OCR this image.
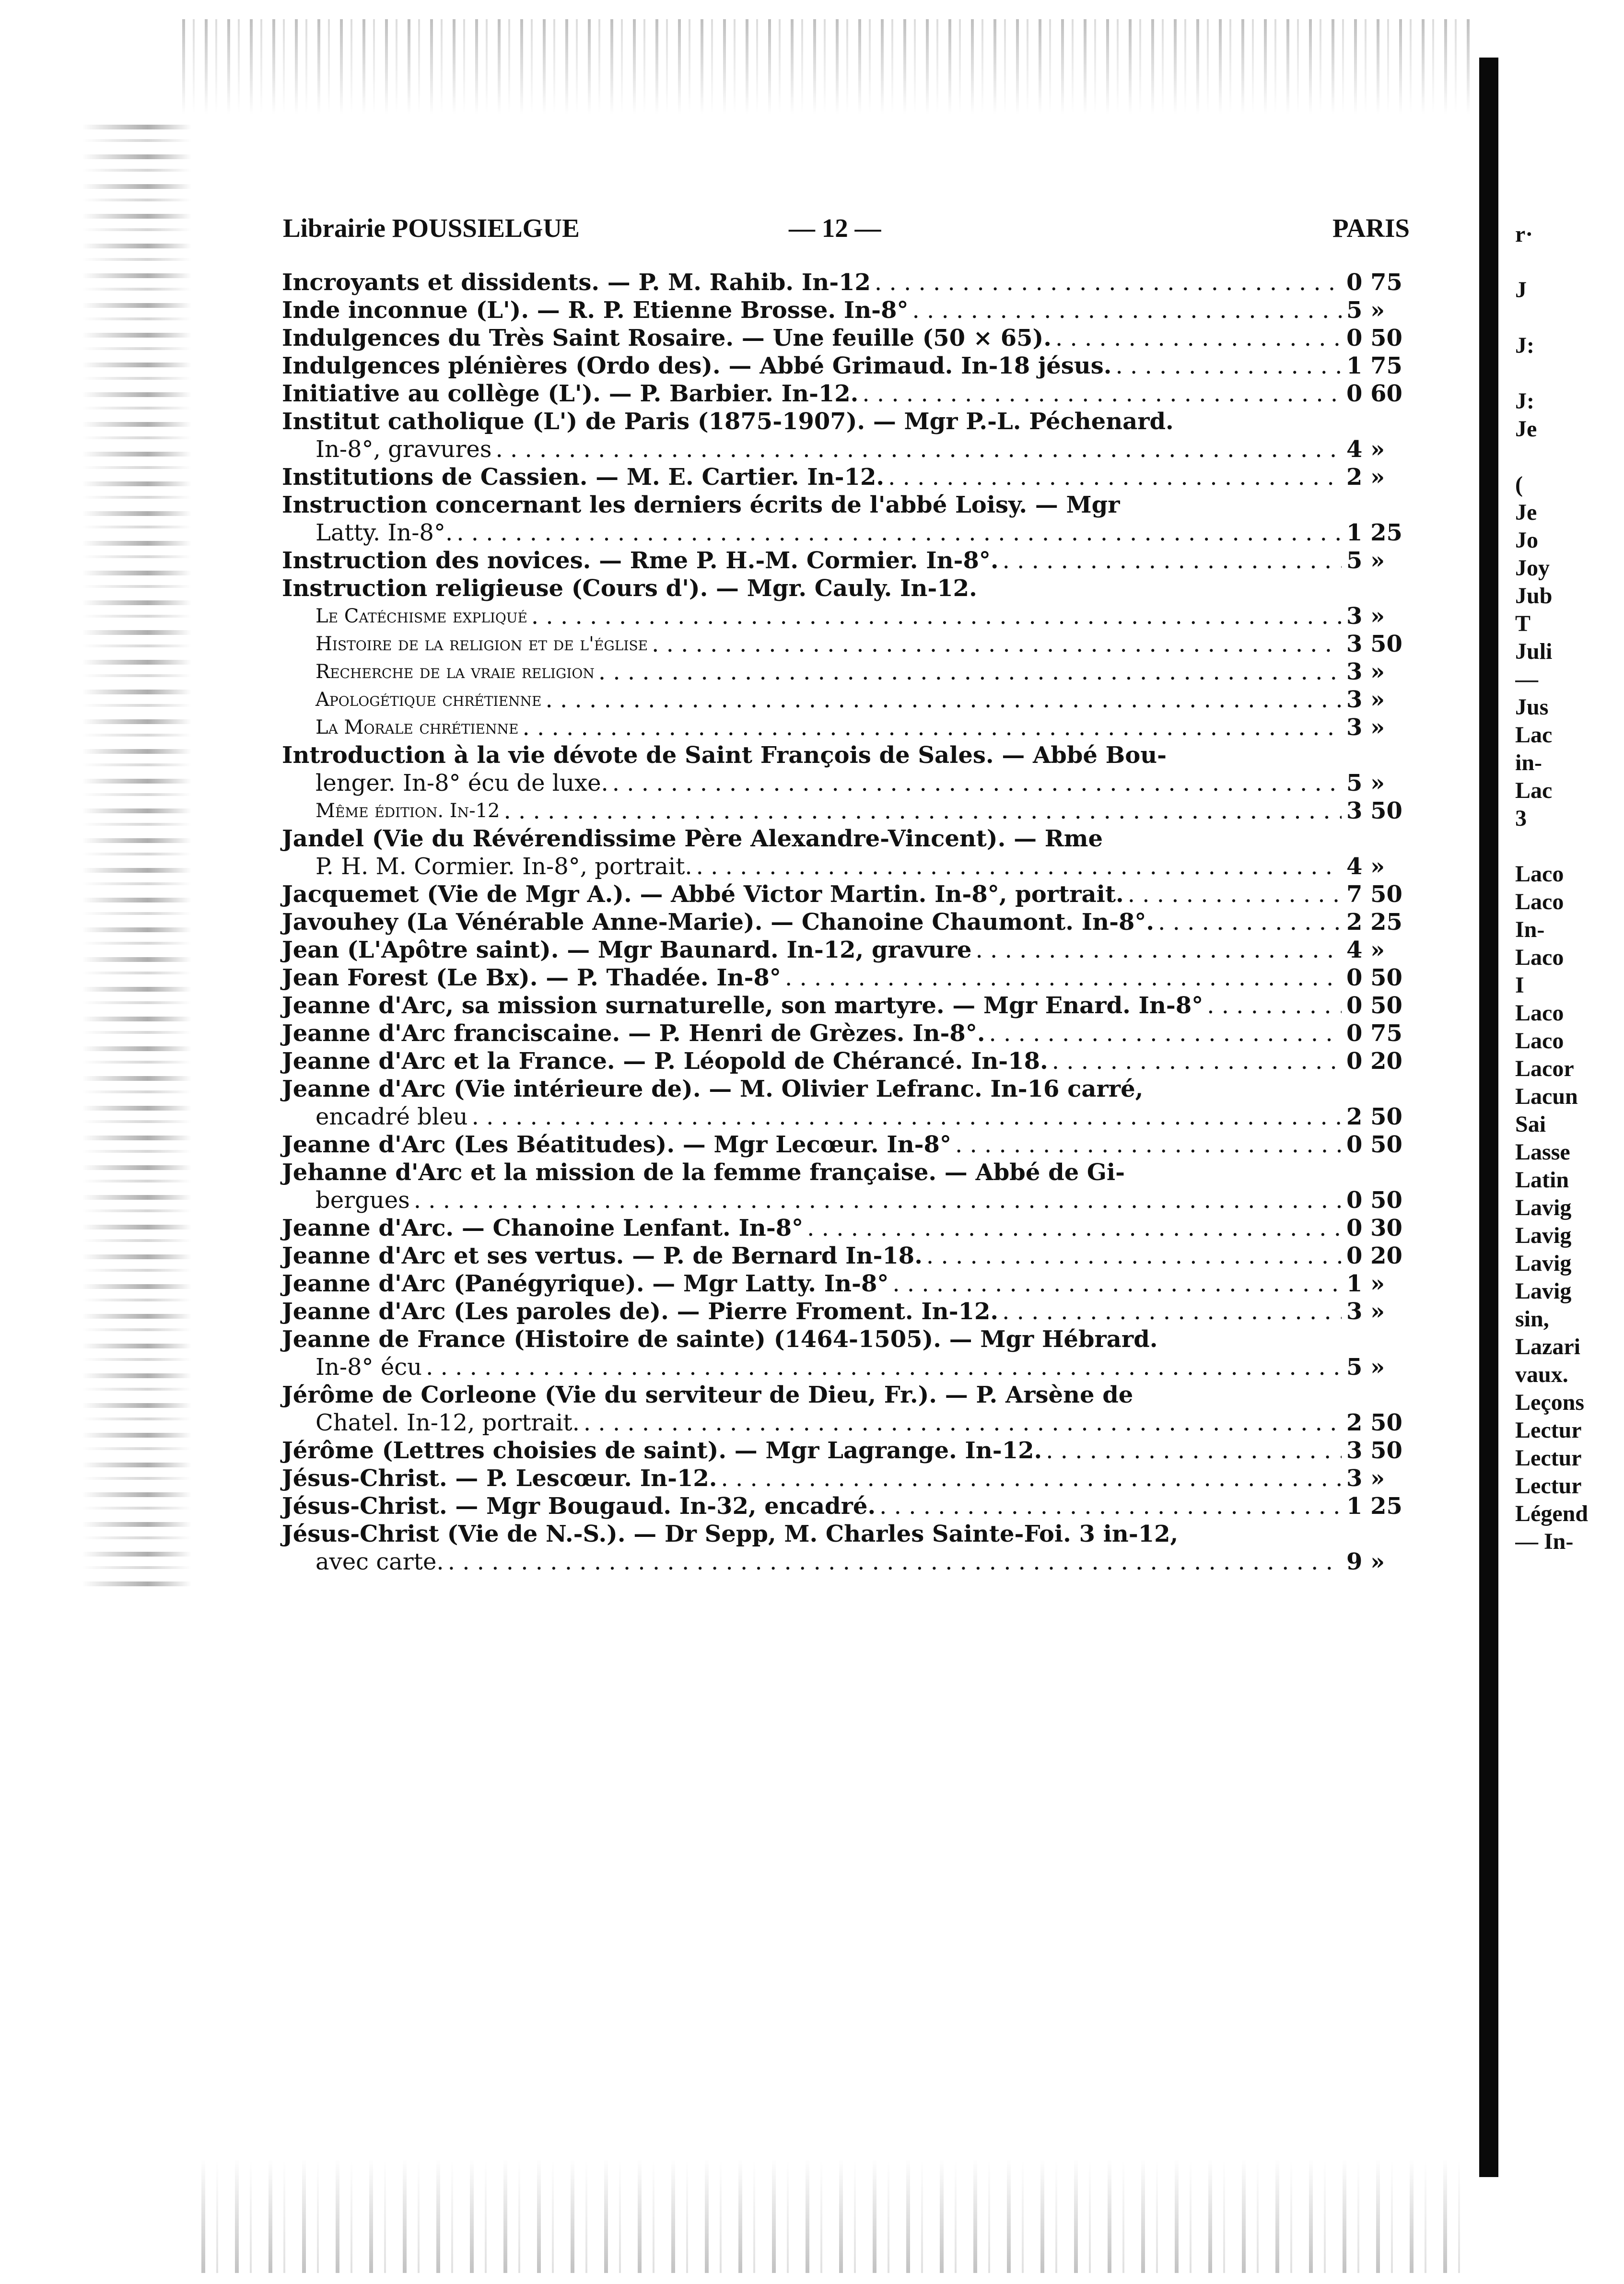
Librairie POUSSIELGUE	— 12 —	PARIS
Incroyants et dissidents. — P. M. Rahib. In-12 . . .	0 75
Inde inconnue (L'). — R. P. Etienne Brosse. In-8° . . .	5 »
Indulgences du Très Saint Rosaire. — Une feuille (50 × 65). . . .	0 50
Indulgences plénières (Ordo des). — Abbé Grimaud. In-18 jésus. . . .	1 75
Initiative au collège (L'). — P. Barbier. In-12. . . .	0 60
Institut catholique (L') de Paris (1875-1907). — Mgr P.-L. Péchenard.
In-8°, gravures . . .	4 »
Institutions de Cassien. — M. E. Cartier. In-12. . . .	2 »
Instruction concernant les derniers écrits de l'abbé Loisy. — Mgr
Latty. In-8°. . . .	1 25
Instruction des novices. — Rme P. H.-M. Cormier. In-8°. . . .	5 »
Instruction religieuse (Cours d'). — Mgr. Cauly. In-12.
Le Catéchisme expliqué . . .	3 »
Histoire de la religion et de l'église . . .	3 50
Recherche de la vraie religion . . .	3 »
Apologétique chrétienne . . .	3 »
La Morale chrétienne . . .	3 »
Introduction à la vie dévote de Saint François de Sales. — Abbé Bou-
lenger. In-8° écu de luxe. . . .	5 »
Même édition. In-12 . . .	3 50
Jandel (Vie du Révérendissime Père Alexandre-Vincent). — Rme
P. H. M. Cormier. In-8°, portrait. . . .	4 »
Jacquemet (Vie de Mgr A.). — Abbé Victor Martin. In-8°, portrait. . . .	7 50
Javouhey (La Vénérable Anne-Marie). — Chanoine Chaumont. In-8°. . . .	2 25
Jean (L'Apôtre saint). — Mgr Baunard. In-12, gravure . . .	4 »
Jean Forest (Le Bx). — P. Thadée. In-8° . . .	0 50
Jeanne d'Arc, sa mission surnaturelle, son martyre. — Mgr Enard. In-8° . . .	0 50
Jeanne d'Arc franciscaine. — P. Henri de Grèzes. In-8°. . . .	0 75
Jeanne d'Arc et la France. — P. Léopold de Chérancé. In-18. . . .	0 20
Jeanne d'Arc (Vie intérieure de). — M. Olivier Lefranc. In-16 carré,
encadré bleu . . .	2 50
Jeanne d'Arc (Les Béatitudes). — Mgr Lecœur. In-8° . . .	0 50
Jehanne d'Arc et la mission de la femme française. — Abbé de Gi-
bergues . . .	0 50
Jeanne d'Arc. — Chanoine Lenfant. In-8° . . .	0 30
Jeanne d'Arc et ses vertus. — P. de Bernard In-18. . . .	0 20
Jeanne d'Arc (Panégyrique). — Mgr Latty. In-8° . . .	1 »
Jeanne d'Arc (Les paroles de). — Pierre Froment. In-12. . . .	3 »
Jeanne de France (Histoire de sainte) (1464-1505). — Mgr Hébrard.
In-8° écu . . .	5 »
Jérôme de Corleone (Vie du serviteur de Dieu, Fr.). — P. Arsène de
Chatel. In-12, portrait. . . .	2 50
Jérôme (Lettres choisies de saint). — Mgr Lagrange. In-12. . . .	3 50
Jésus-Christ. — P. Lescœur. In-12. . . .	3 »
Jésus-Christ. — Mgr Bougaud. In-32, encadré. . . .	1 25
Jésus-Christ (Vie de N.-S.). — Dr Sepp, M. Charles Sainte-Foi. 3 in-12,
avec carte. . . .	9 »
r·
J
J:
J:
Je
(
Je
Jo
Joy
Jub
T
Juli
—
Jus
Lac
in-
Lac
3
Laco
Laco
In-
Laco
I
Laco
Laco
Lacor
Lacun
Sai
Lasse
Latin
Lavig
Lavig
Lavig
Lavig
sin,
Lazari
vaux.
Leçons
Lectur
Lectur
Lectur
Légend
— In-
